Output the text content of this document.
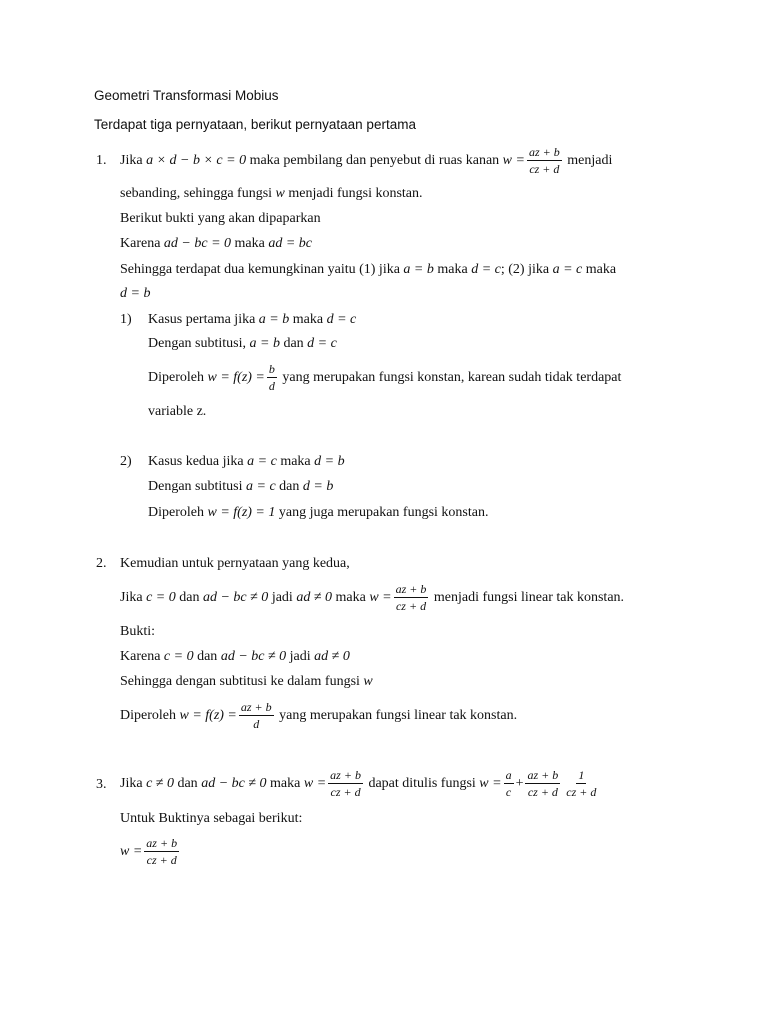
Geometri Transformasi Mobius
Terdapat tiga pernyataan, berikut pernyataan pertama
1. Jika a × d − b × c = 0 maka pembilang dan penyebut di ruas kanan $w = \frac{az + b}{cz + d}$ menjadi
sebanding, sehingga fungsi w menjadi fungsi konstan.
Berikut bukti yang akan dipaparkan
Karena ad − bc = 0 maka ad = bc
Sehingga terdapat dua kemungkinan yaitu (1) jika a = b maka d = c; (2) jika a = c maka
d = b
1) Kasus pertama jika a = b maka d = c
Dengan subtitusi, a = b dan d = c
Diperoleh $w = f(z) = \frac{b}{d}$ yang merupakan fungsi konstan, karean sudah tidak terdapat
variable z.
2) Kasus kedua jika a = c maka d = b
Dengan subtitusi a = c dan d = b
Diperoleh w = f(z) = 1 yang juga merupakan fungsi konstan.
2. Kemudian untuk pernyataan yang kedua,
Jika c = 0 dan ad − bc ≠ 0 jadi ad ≠ 0 maka $w = \frac{az + b}{cz + d}$ menjadi fungsi linear tak konstan.
Bukti:
Karena c = 0 dan ad − bc ≠ 0 jadi ad ≠ 0
Sehingga dengan subtitusi ke dalam fungsi w
Diperoleh $w = f(z) = \frac{az + b}{d}$ yang merupakan fungsi linear tak konstan.
3. Jika c ≠ 0 dan ad − bc ≠ 0 maka $w = \frac{az + b}{cz + d}$ dapat ditulis fungsi $w = \frac{a}{c} + \frac{az + b}{cz + d} \frac{1}{cz + d}$
Untuk Buktinya sebagai berikut:
$w = \frac{az + b}{cz + d}$
